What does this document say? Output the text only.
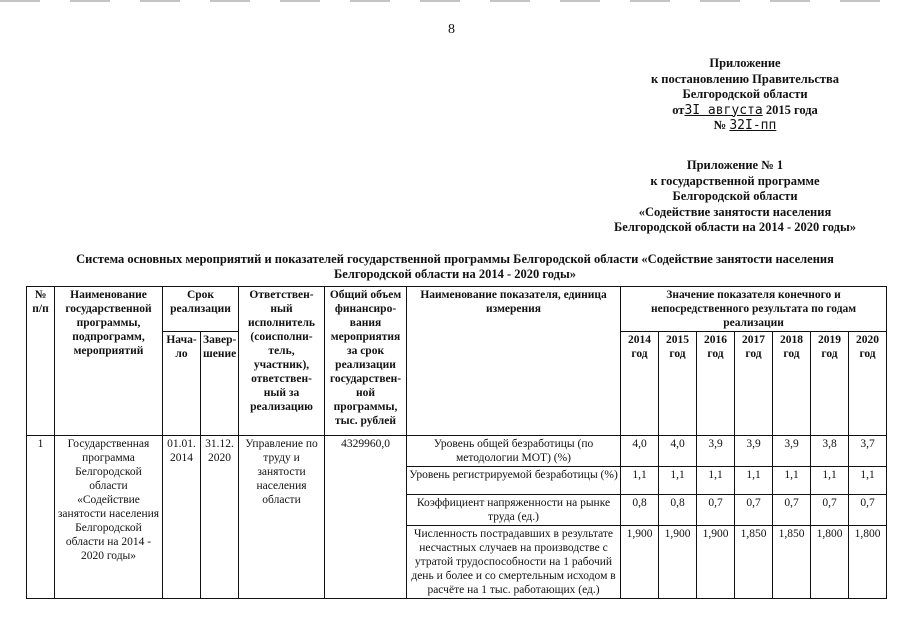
8
Приложение
к постановлению Правительства
Белгородской области
от3I августа 2015 года
№ 32I-пп
Приложение № 1
к государственной программе
Белгородской области
«Содействие занятости населения
Белгородской области на 2014 - 2020 годы»
Система основных мероприятий и показателей государственной программы Белгородской области «Содействие занятости населения Белгородской области на 2014 - 2020 годы»
№ п/п	Наименование государственной программы, подпрограмм, мероприятий	Срок реализации		Ответствен-ный исполнитель (соисполни-тель, участник), ответствен-ный за реализацию	Общий объем финансиро-вания мероприятия за срок реализации государствен-ной программы, тыс. рублей	Наименование показателя, единица измерения	Значение показателя конечного и непосредственного результата по годам реализации						
		Нача-ло	Завер-шение				2014 год	2015 год	2016 год	2017 год	2018 год	2019 год	2020 год
1	Государственная программа Белгородской области «Содействие занятости населения Белгородской области на 2014 - 2020 годы»	01.01. 2014	31.12. 2020	Управление по труду и занятости населения области	4329960,0	Уровень общей безработицы (по методологии МОТ) (%)	4,0	4,0	3,9	3,9	3,9	3,8	3,7
						Уровень регистрируемой безработицы (%)	1,1	1,1	1,1	1,1	1,1	1,1	1,1
						Коэффициент напряженности на рынке труда (ед.)	0,8	0,8	0,7	0,7	0,7	0,7	0,7
						Численность пострадавших в результате несчастных случаев на производстве с утратой трудоспособности на 1 рабочий день и более и со смертельным исходом в расчёте на 1 тыс. работающих (ед.)	1,900	1,900	1,900	1,850	1,850	1,800	1,800
